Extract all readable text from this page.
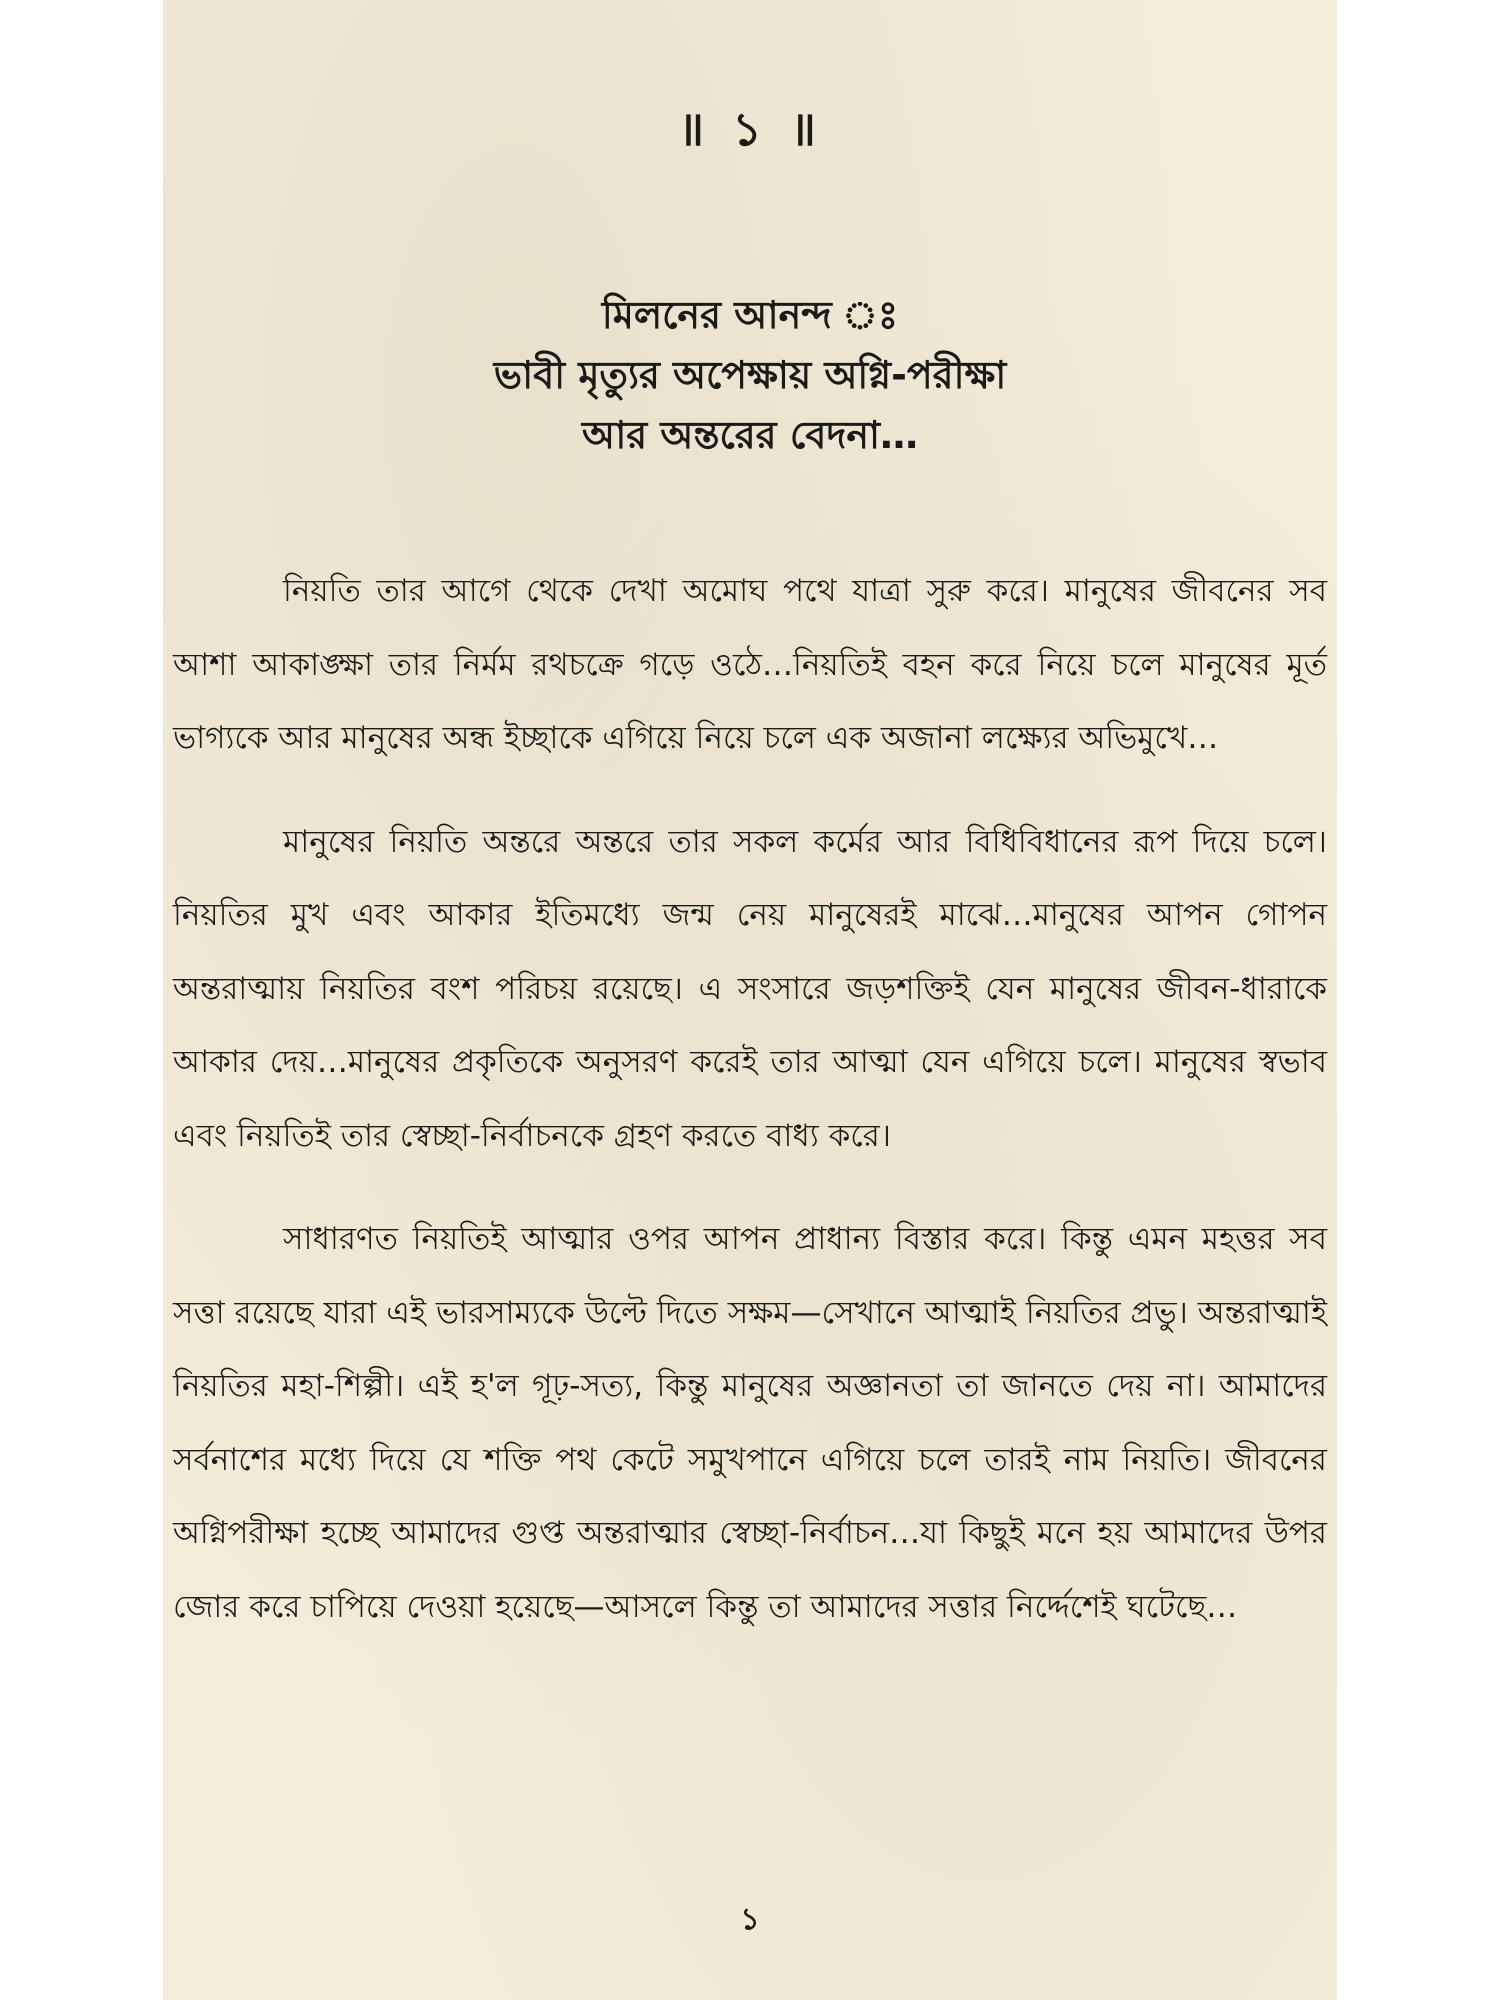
॥ ১ ॥
মিলনের আনন্দ ঃ
ভাবী মৃত্যুর অপেক্ষায় অগ্নি-পরীক্ষা
আর অন্তরের বেদনা…

নিয়তি তার আগে থেকে দেখা অমোঘ পথে যাত্রা সুরু করে। মানুষের জীবনের সব আশা আকাঙ্ক্ষা তার নির্মম রথচক্রে গড়ে ওঠে…নিয়তিই বহন করে নিয়ে চলে মানুষের মূর্ত ভাগ্যকে আর মানুষের অন্ধ ইচ্ছাকে এগিয়ে নিয়ে চলে এক অজানা লক্ষ্যের অভিমুখে…

মানুষের নিয়তি অন্তরে অন্তরে তার সকল কর্মের আর বিধিবিধানের রূপ দিয়ে চলে। নিয়তির মুখ এবং আকার ইতিমধ্যে জন্ম নেয় মানুষেরই মাঝে…মানুষের আপন গোপন অন্তরাত্মায় নিয়তির বংশ পরিচয় রয়েছে। এ সংসারে জড়শক্তিই যেন মানুষের জীবন-ধারাকে আকার দেয়…মানুষের প্রকৃতিকে অনুসরণ করেই তার আত্মা যেন এগিয়ে চলে। মানুষের স্বভাব এবং নিয়তিই তার স্বেচ্ছা-নির্বাচনকে গ্রহণ করতে বাধ্য করে।

সাধারণত নিয়তিই আত্মার ওপর আপন প্রাধান্য বিস্তার করে। কিন্তু এমন মহত্তর সব সত্তা রয়েছে যারা এই ভারসাম্যকে উল্টে দিতে সক্ষম—সেখানে আত্মাই নিয়তির প্রভু। অন্তরাত্মাই নিয়তির মহা-শিল্পী। এই হ'ল গূঢ়-সত্য, কিন্তু মানুষের অজ্ঞানতা তা জানতে দেয় না। আমাদের সর্বনাশের মধ্যে দিয়ে যে শক্তি পথ কেটে সমুখপানে এগিয়ে চলে তারই নাম নিয়তি। জীবনের অগ্নিপরীক্ষা হচ্ছে আমাদের গুপ্ত অন্তরাত্মার স্বেচ্ছা-নির্বাচন…যা কিছুই মনে হয় আমাদের উপর জোর করে চাপিয়ে দেওয়া হয়েছে—আসলে কিন্তু তা আমাদের সত্তার নির্দ্দেশেই ঘটেছে…

১
